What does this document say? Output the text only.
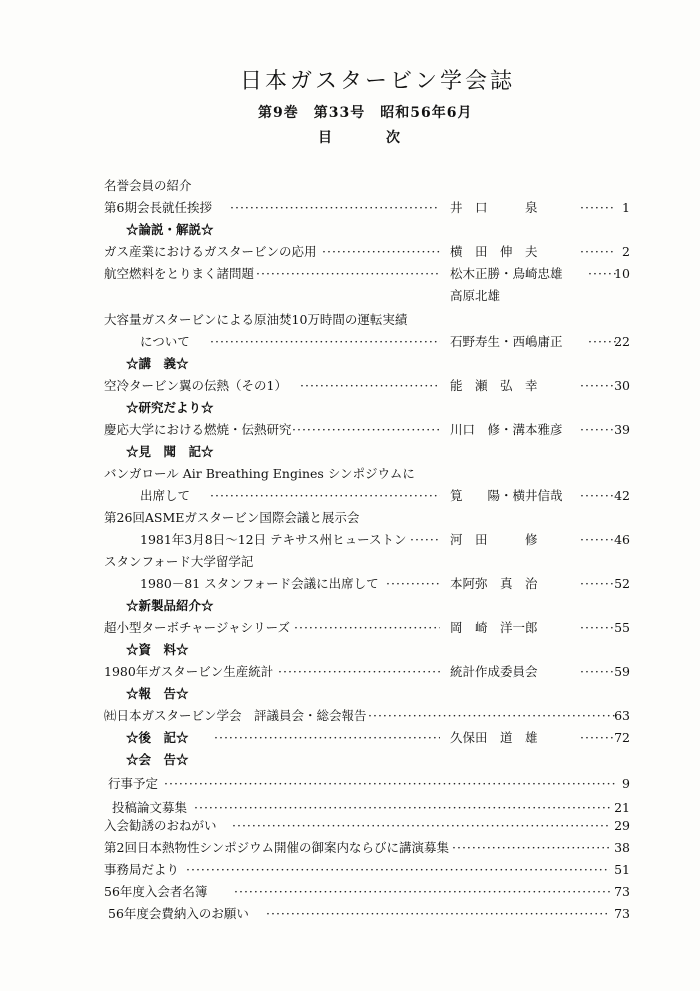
日本ガスタービン学会誌
第9巻　第33号　昭和56年6月
目　次
名誉会員の紹介
第6期会長就任挨拶 ·····	井　口　　　泉 ·····	1
☆論説・解説☆
ガス産業におけるガスタービンの応用 ·····	横　田　伸　夫 ·····	2
航空燃料をとりまく諸問題 ·····	松木正勝・鳥崎忠雄 ·····	10
高原北雄
大容量ガスタービンによる原油焚10万時間の運転実績
について ·····	石野寿生・西嶋庸正 ·····	22
☆講　義☆
空冷タービン翼の伝熱（その1） ·····	能　瀬　弘　幸 ·····	30
☆研究だより☆
慶応大学における燃焼・伝熱研究 ·····	川口　修・溝本雅彦 ·····	39
☆見　聞　記☆
バンガロール Air Breathing Engines シンポジウムに
出席して ·····	筧　　陽・横井信哉 ·····	42
第26回ASMEガスタービン国際会議と展示会
1981年3月8日～12日 テキサス州ヒューストン ·····	河　田　　　修 ·····	46
スタンフォード大学留学記
1980－81 スタンフォード会議に出席して ·····	本阿弥　真　治 ·····	52
☆新製品紹介☆
超小型ターボチャージャシリーズ ·····	岡　崎　洋一郎 ·····	55
☆資　料☆
1980年ガスタービン生産統計 ·····	統計作成委員会 ·····	59
☆報　告☆
㈳日本ガスタービン学会　評議員会・総会報告 ·····	63
☆後　記☆ ·····	久保田　道　雄 ·····	72
☆会　告☆
行事予定 ·····	9
投稿論文募集 ·····	21
入会勧誘のおねがい ·····	29
第2回日本熱物性シンポジウム開催の御案内ならびに講演募集 ·····	38
事務局だより ·····	51
56年度入会者名簿 ·····	73
56年度会費納入のお願い ·····	73
